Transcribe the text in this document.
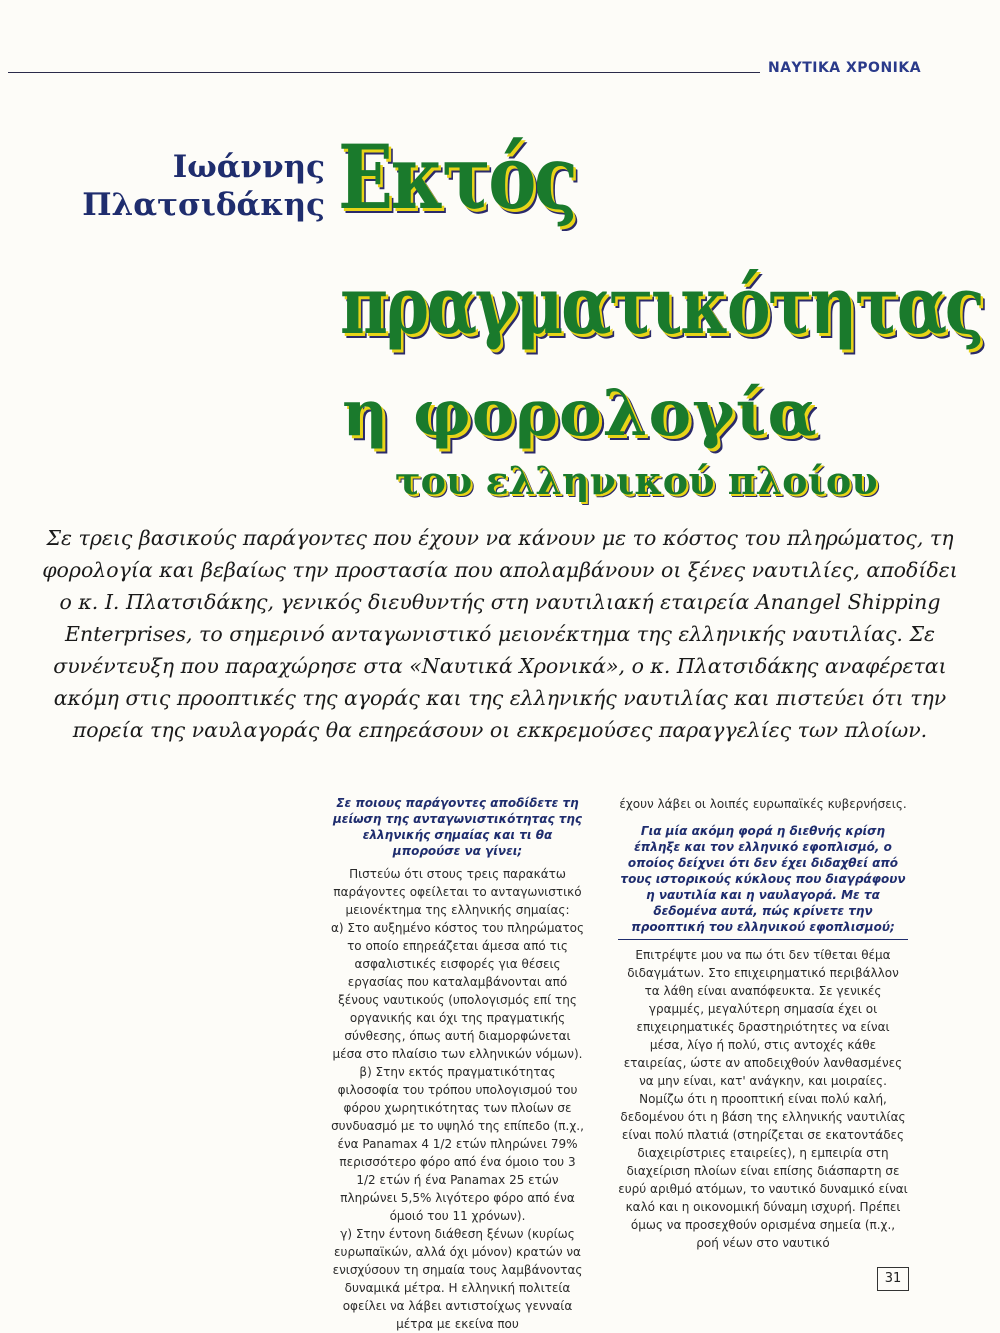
ΝΑΥΤΙΚΑ ΧΡΟΝΙΚΑ
Ιωάννης
Πλατσιδάκης Εκτός
πραγματικότητας
η φορολογία
του ελληνικού πλοίου
Σε τρεις βασικούς παράγοντες που έχουν να κάνουν με το κόστος του πληρώματος, τη φορολογία και βεβαίως την προστασία που απολαμβάνουν οι ξένες ναυτιλίες, αποδίδει ο κ. Ι. Πλατσιδάκης, γενικός διευθυντής στη ναυτιλιακή εταιρεία Anangel Shipping Enterprises, το σημερινό ανταγωνιστικό μειονέκτημα της ελληνικής ναυτιλίας. Σε συνέντευξη που παραχώρησε στα «Ναυτικά Χρονικά», ο κ. Πλατσιδάκης αναφέρεται ακόμη στις προοπτικές της αγοράς και της ελληνικής ναυτιλίας και πιστεύει ότι την πορεία της ναυλαγοράς θα επηρεάσουν οι εκκρεμούσες παραγγελίες των πλοίων.

Σε ποιους παράγοντες αποδίδετε τη μείωση της ανταγωνιστικότητας της ελληνικής σημαίας και τι θα μπορούσε να γίνει;

Πιστεύω ότι στους τρεις παρακάτω παράγοντες οφείλεται το ανταγωνιστικό μειονέκτημα της ελληνικής σημαίας:

α) Στο αυξημένο κόστος του πληρώματος το οποίο επηρεάζεται άμεσα από τις ασφαλιστικές εισφορές για θέσεις εργασίας που καταλαμβάνονται από ξένους ναυτικούς (υπολογισμός επί της οργανικής και όχι της πραγματικής σύνθεσης, όπως αυτή διαμορφώνεται μέσα στο πλαίσιο των ελληνικών νόμων).

β) Στην εκτός πραγματικότητας φιλοσοφία του τρόπου υπολογισμού του φόρου χωρητικότητας των πλοίων σε συνδυασμό με το υψηλό της επίπεδο (π.χ., ένα Panamax 4 1/2 ετών πληρώνει 79% περισσότερο φόρο από ένα όμοιο του 3 1/2 ετών ή ένα Panamax 25 ετών πληρώνει 5,5% λιγότερο φόρο από ένα όμοιό του 11 χρόνων).

γ) Στην έντονη διάθεση ξένων (κυρίως ευρωπαϊκών, αλλά όχι μόνον) κρατών να ενισχύσουν τη σημαία τους λαμβάνοντας δυναμικά μέτρα. Η ελληνική πολιτεία οφείλει να λάβει αντιστοίχως γενναία μέτρα με εκείνα που

έχουν λάβει οι λοιπές ευρωπαϊκές κυβερνήσεις.

Για μία ακόμη φορά η διεθνής κρίση έπληξε και τον ελληνικό εφοπλισμό, ο οποίος δείχνει ότι δεν έχει διδαχθεί από τους ιστορικούς κύκλους που διαγράφουν η ναυτιλία και η ναυλαγορά. Με τα δεδομένα αυτά, πώς κρίνετε την προοπτική του ελληνικού εφοπλισμού;

Επιτρέψτε μου να πω ότι δεν τίθεται θέμα διδαγμάτων. Στο επιχειρηματικό περιβάλλον τα λάθη είναι αναπόφευκτα. Σε γενικές γραμμές, μεγαλύτερη σημασία έχει οι επιχειρηματικές δραστηριότητες να είναι μέσα, λίγο ή πολύ, στις αντοχές κάθε εταιρείας, ώστε αν αποδειχθούν λανθασμένες να μην είναι, κατ' ανάγκην, και μοιραίες. Νομίζω ότι η προοπτική είναι πολύ καλή, δεδομένου ότι η βάση της ελληνικής ναυτιλίας είναι πολύ πλατιά (στηρίζεται σε εκατοντάδες διαχειρίστριες εταιρείες), η εμπειρία στη διαχείριση πλοίων είναι επίσης διάσπαρτη σε ευρύ αριθμό ατόμων, το ναυτικό δυναμικό είναι καλό και η οικονομική δύναμη ισχυρή. Πρέπει όμως να προσεχθούν ορισμένα σημεία (π.χ., ροή νέων στο ναυτικό

31
